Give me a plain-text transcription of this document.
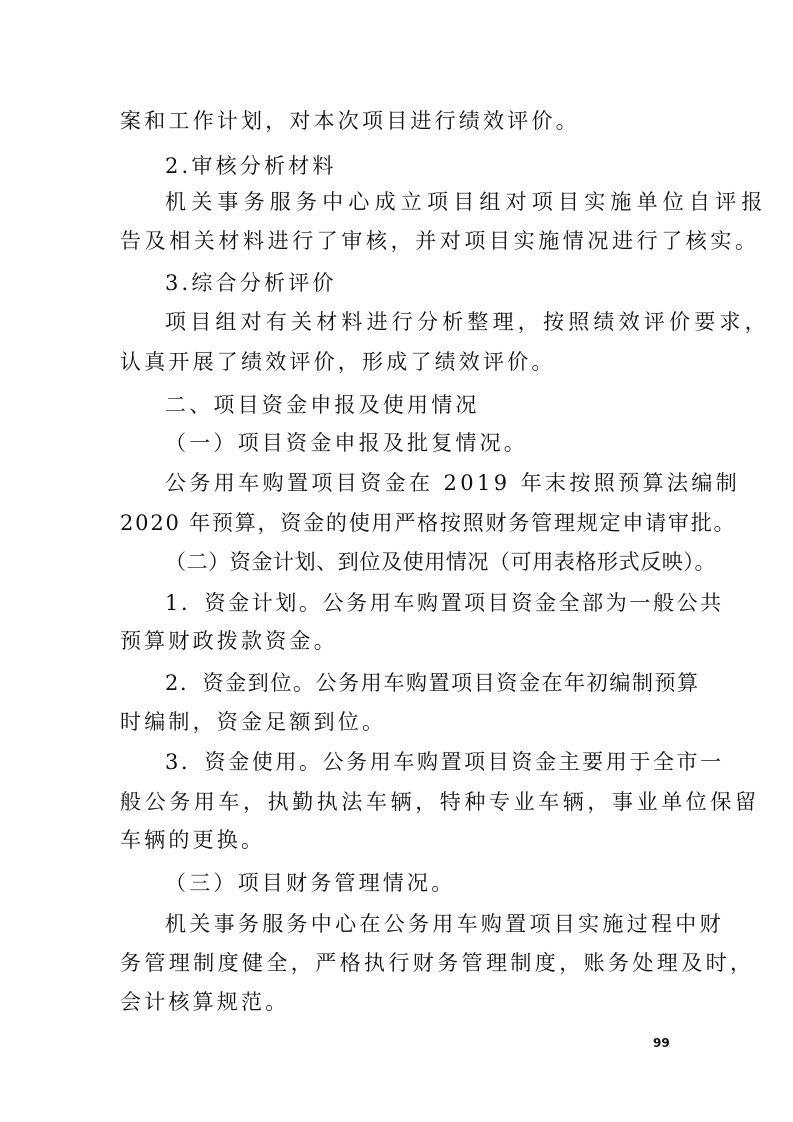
案和工作计划，对本次项目进行绩效评价。
2.审核分析材料
机关事务服务中心成立项目组对项目实施单位自评报
告及相关材料进行了审核，并对项目实施情况进行了核实。
3.综合分析评价
项目组对有关材料进行分析整理，按照绩效评价要求，
认真开展了绩效评价，形成了绩效评价。
二、项目资金申报及使用情况
（一）项目资金申报及批复情况。
公务用车购置项目资金在 2019 年末按照预算法编制
2020 年预算，资金的使用严格按照财务管理规定申请审批。
（二）资金计划、到位及使用情况（可用表格形式反映）。
1．资金计划。公务用车购置项目资金全部为一般公共
预算财政拨款资金。
2．资金到位。公务用车购置项目资金在年初编制预算
时编制，资金足额到位。
3．资金使用。公务用车购置项目资金主要用于全市一
般公务用车，执勤执法车辆，特种专业车辆，事业单位保留
车辆的更换。
（三）项目财务管理情况。
机关事务服务中心在公务用车购置项目实施过程中财
务管理制度健全，严格执行财务管理制度，账务处理及时，
会计核算规范。
99
